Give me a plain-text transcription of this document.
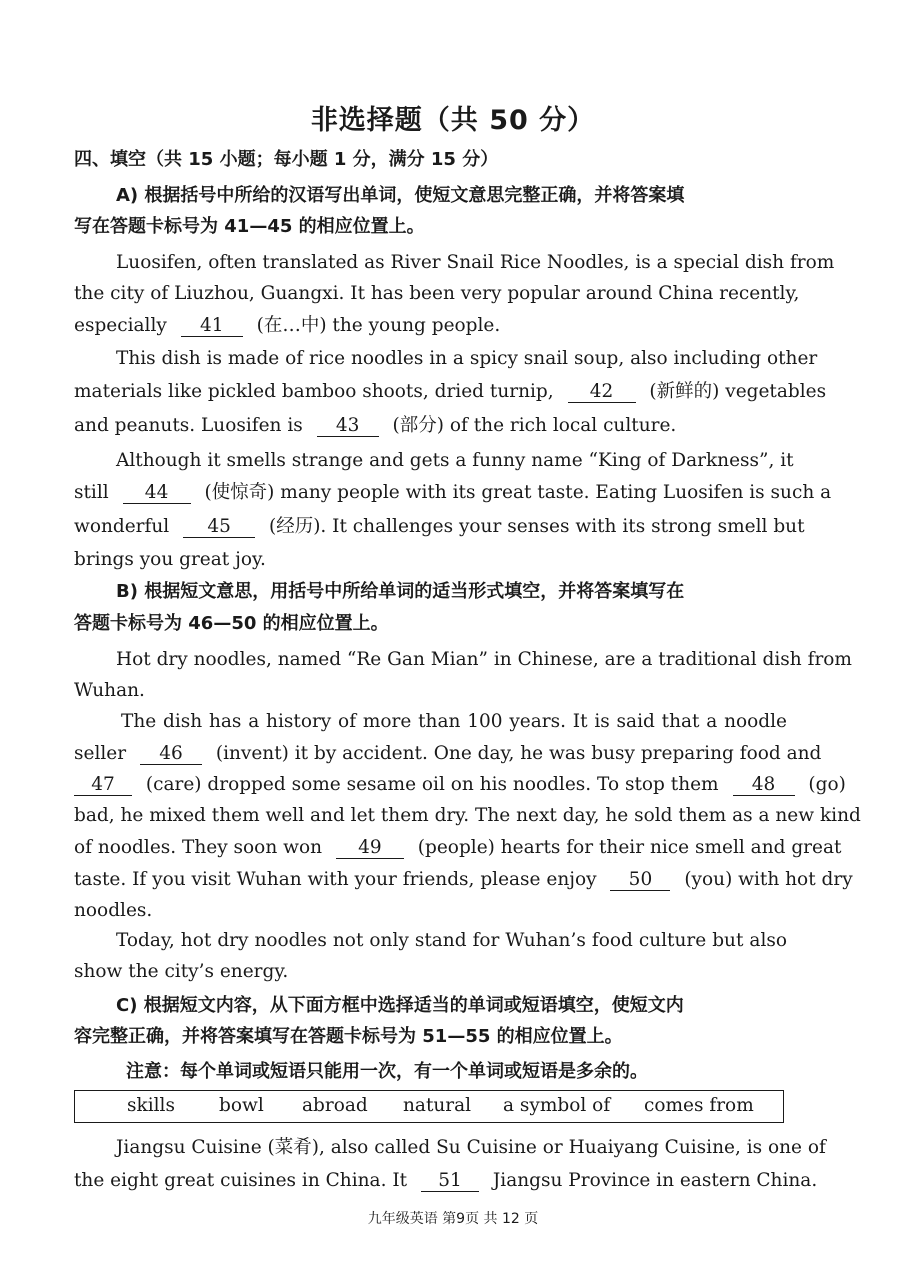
非选择题（共 50 分）
四、填空（共 15 小题；每小题 1 分，满分 15 分）
A) 根据括号中所给的汉语写出单词，使短文意思完整正确，并将答案填
写在答题卡标号为 41—45 的相应位置上。
Luosifen, often translated as River Snail Rice Noodles, is a special dish from
the city of Liuzhou, Guangxi. It has been very popular around China recently,
especially 41 (在…中) the young people.
This dish is made of rice noodles in a spicy snail soup, also including other
materials like pickled bamboo shoots, dried turnip, 42 (新鲜的) vegetables
and peanuts. Luosifen is 43 (部分) of the rich local culture.
Although it smells strange and gets a funny name “King of Darkness”, it
still 44 (使惊奇) many people with its great taste. Eating Luosifen is such a
wonderful 45 (经历). It challenges your senses with its strong smell but
brings you great joy.
B) 根据短文意思，用括号中所给单词的适当形式填空，并将答案填写在
答题卡标号为 46—50 的相应位置上。
Hot dry noodles, named “Re Gan Mian” in Chinese, are a traditional dish from
Wuhan.
The dish has a history of more than 100 years. It is said that a noodle
seller 46 (invent) it by accident. One day, he was busy preparing food and
47 (care) dropped some sesame oil on his noodles. To stop them 48 (go)
bad, he mixed them well and let them dry. The next day, he sold them as a new kind
of noodles. They soon won 49 (people) hearts for their nice smell and great
taste. If you visit Wuhan with your friends, please enjoy 50 (you) with hot dry
noodles.
Today, hot dry noodles not only stand for Wuhan’s food culture but also
show the city’s energy.
C) 根据短文内容，从下面方框中选择适当的单词或短语填空，使短文内
容完整正确，并将答案填写在答题卡标号为 51—55 的相应位置上。
注意：每个单词或短语只能用一次，有一个单词或短语是多余的。
skills bowl abroad natural a symbol of comes from
Jiangsu Cuisine (菜肴), also called Su Cuisine or Huaiyang Cuisine, is one of
the eight great cuisines in China. It 51 Jiangsu Province in eastern China.
九年级英语 第9页 共 12 页
